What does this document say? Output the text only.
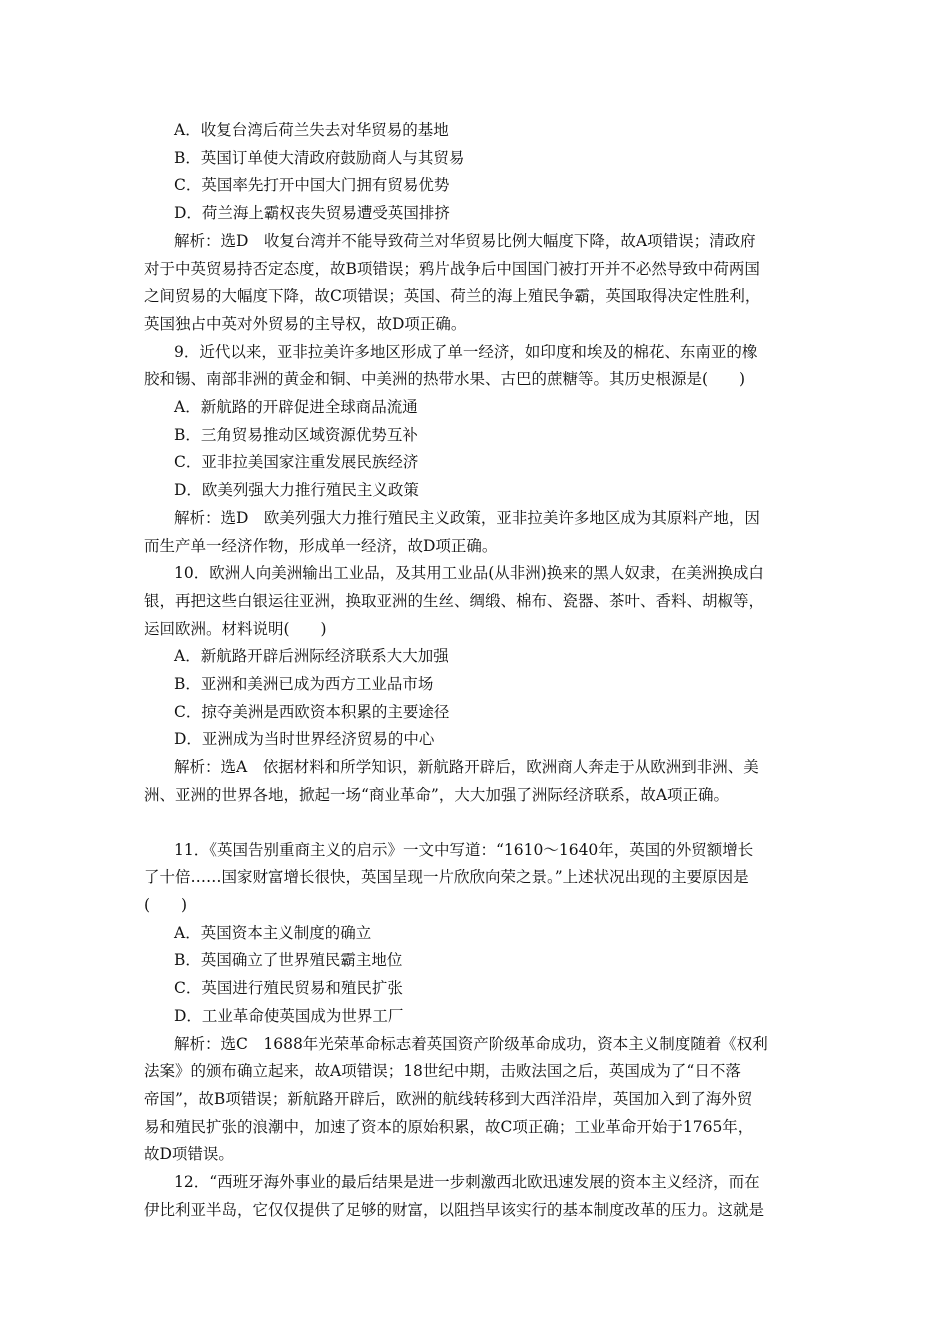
A．收复台湾后荷兰失去对华贸易的基地
B．英国订单使大清政府鼓励商人与其贸易
C．英国率先打开中国大门拥有贸易优势
D．荷兰海上霸权丧失贸易遭受英国排挤
解析：选D　收复台湾并不能导致荷兰对华贸易比例大幅度下降，故A项错误；清政府
对于中英贸易持否定态度，故B项错误；鸦片战争后中国国门被打开并不必然导致中荷两国
之间贸易的大幅度下降，故C项错误；英国、荷兰的海上殖民争霸，英国取得决定性胜利，
英国独占中英对外贸易的主导权，故D项正确。
9．近代以来，亚非拉美许多地区形成了单一经济，如印度和埃及的棉花、东南亚的橡
胶和锡、南部非洲的黄金和铜、中美洲的热带水果、古巴的蔗糖等。其历史根源是(　　)
A．新航路的开辟促进全球商品流通
B．三角贸易推动区域资源优势互补
C．亚非拉美国家注重发展民族经济
D．欧美列强大力推行殖民主义政策
解析：选D　欧美列强大力推行殖民主义政策，亚非拉美许多地区成为其原料产地，因
而生产单一经济作物，形成单一经济，故D项正确。
10．欧洲人向美洲输出工业品，及其用工业品(从非洲)换来的黑人奴隶，在美洲换成白
银，再把这些白银运往亚洲，换取亚洲的生丝、绸缎、棉布、瓷器、茶叶、香料、胡椒等，
运回欧洲。材料说明(　　)
A．新航路开辟后洲际经济联系大大加强
B．亚洲和美洲已成为西方工业品市场
C．掠夺美洲是西欧资本积累的主要途径
D．亚洲成为当时世界经济贸易的中心
解析：选A　依据材料和所学知识，新航路开辟后，欧洲商人奔走于从欧洲到非洲、美
洲、亚洲的世界各地，掀起一场“商业革命”，大大加强了洲际经济联系，故A项正确。
11．《英国告别重商主义的启示》一文中写道：“1610～1640年，英国的外贸额增长
了十倍……国家财富增长很快，英国呈现一片欣欣向荣之景。”上述状况出现的主要原因是
(　　)
A．英国资本主义制度的确立
B．英国确立了世界殖民霸主地位
C．英国进行殖民贸易和殖民扩张
D．工业革命使英国成为世界工厂
解析：选C　1688年光荣革命标志着英国资产阶级革命成功，资本主义制度随着《权利
法案》的颁布确立起来，故A项错误；18世纪中期，击败法国之后，英国成为了“日不落
帝国”，故B项错误；新航路开辟后，欧洲的航线转移到大西洋沿岸，英国加入到了海外贸
易和殖民扩张的浪潮中，加速了资本的原始积累，故C项正确；工业革命开始于1765年，
故D项错误。
12．“西班牙海外事业的最后结果是进一步刺激西北欧迅速发展的资本主义经济，而在
伊比利亚半岛，它仅仅提供了足够的财富，以阻挡早该实行的基本制度改革的压力。这就是
